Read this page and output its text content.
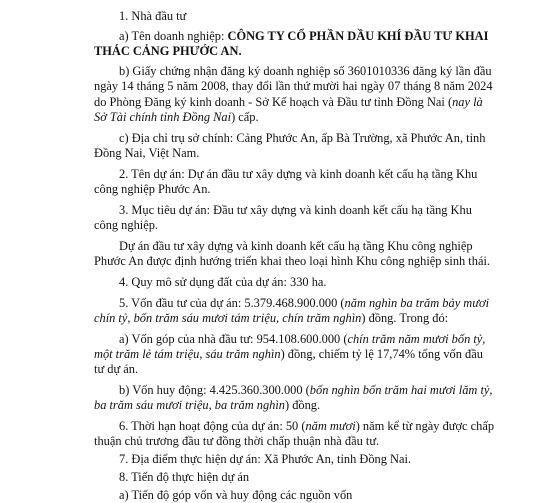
1. Nhà đầu tư
a) Tên doanh nghiệp: CÔNG TY CỔ PHẦN DẦU KHÍ ĐẦU TƯ KHAI
THÁC CẢNG PHƯỚC AN.
b) Giấy chứng nhận đăng ký doanh nghiệp số 3601010336 đăng ký lần đầu
ngày 14 tháng 5 năm 2008, thay đổi lần thứ mười hai ngày 07 tháng 8 năm 2024
do Phòng Đăng ký kinh doanh - Sở Kế hoạch và Đầu tư tỉnh Đồng Nai (nay là
Sở Tài chính tỉnh Đồng Nai) cấp.
c) Địa chỉ trụ sở chính: Cảng Phước An, ấp Bà Trường, xã Phước An, tỉnh
Đồng Nai, Việt Nam.
2. Tên dự án: Dự án đầu tư xây dựng và kinh doanh kết cấu hạ tầng Khu
công nghiệp Phước An.
3. Mục tiêu dự án: Đầu tư xây dựng và kinh doanh kết cấu hạ tầng Khu
công nghiệp.
Dự án đầu tư xây dựng và kinh doanh kết cấu hạ tầng Khu công nghiệp
Phước An được định hướng triển khai theo loại hình Khu công nghiệp sinh thái.
4. Quy mô sử dụng đất của dự án: 330 ha.
5. Vốn đầu tư của dự án: 5.379.468.900.000 (năm nghìn ba trăm bảy mươi
chín tỷ, bốn trăm sáu mươi tám triệu, chín trăm nghìn) đồng. Trong đó:
a) Vốn góp của nhà đầu tư: 954.108.600.000 (chín trăm năm mươi bốn tỷ,
một trăm lẻ tám triệu, sáu trăm nghìn) đồng, chiếm tỷ lệ 17,74% tổng vốn đầu
tư dự án.
b) Vốn huy động: 4.425.360.300.000 (bốn nghìn bốn trăm hai mươi lăm tỷ,
ba trăm sáu mươi triệu, ba trăm nghìn) đồng.
6. Thời hạn hoạt động của dự án: 50 (năm mươi) năm kể từ ngày được chấp
thuận chủ trương đầu tư đồng thời chấp thuận nhà đầu tư.
7. Địa điểm thực hiện dự án: Xã Phước An, tỉnh Đồng Nai.
8. Tiến độ thực hiện dự án
a) Tiến độ góp vốn và huy động các nguồn vốn
